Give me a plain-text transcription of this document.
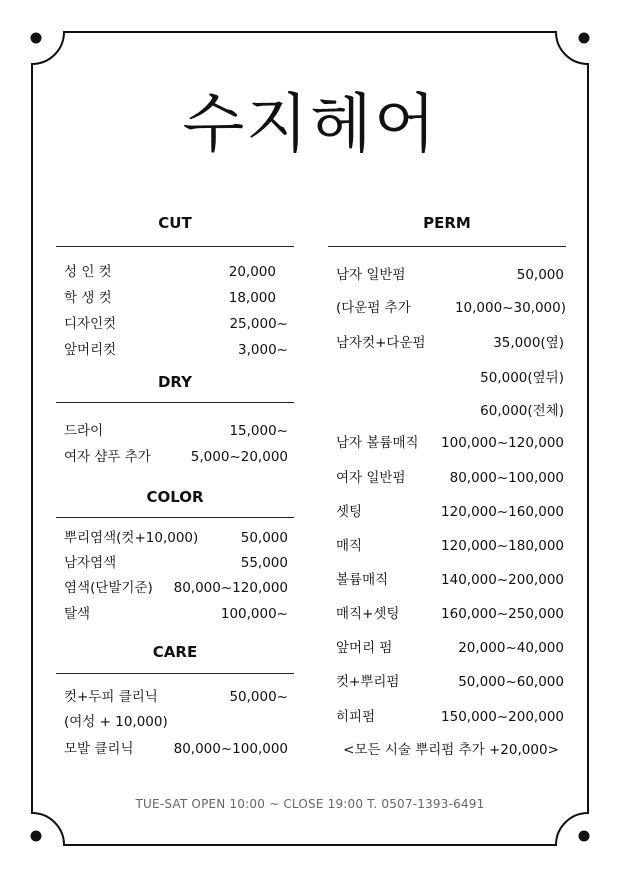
수지헤어
CUT
성 인 컷	20,000
학 생 컷	18,000
디자인컷	25,000~
앞머리컷	3,000~
DRY
드라이	15,000~
여자 샴푸 추가	5,000~20,000
COLOR
뿌리염색(컷+10,000)	50,000
남자염색	55,000
염색(단발기준) 80,000~120,000
탈색	100,000~
CARE
컷+두피 클리닉	50,000~
(여성 + 10,000)
모발 클리닉	80,000~100,000
PERM
남자 일반펌	50,000
(다운펌 추가	10,000~30,000)
남자컷+다운펌	35,000(옆)
50,000(옆뒤)
60,000(전체)
남자 볼륨매직 100,000~120,000
여자 일반펌	80,000~100,000
셋팅	120,000~160,000
매직	120,000~180,000
볼륨매직	140,000~200,000
매직+셋팅	160,000~250,000
앞머리 펌	20,000~40,000
컷+뿌리펌	50,000~60,000
히피펌	150,000~200,000
<모든 시술 뿌리펌 추가 +20,000>
TUE-SAT OPEN 10:00 ~ CLOSE 19:00 T. 0507-1393-6491
